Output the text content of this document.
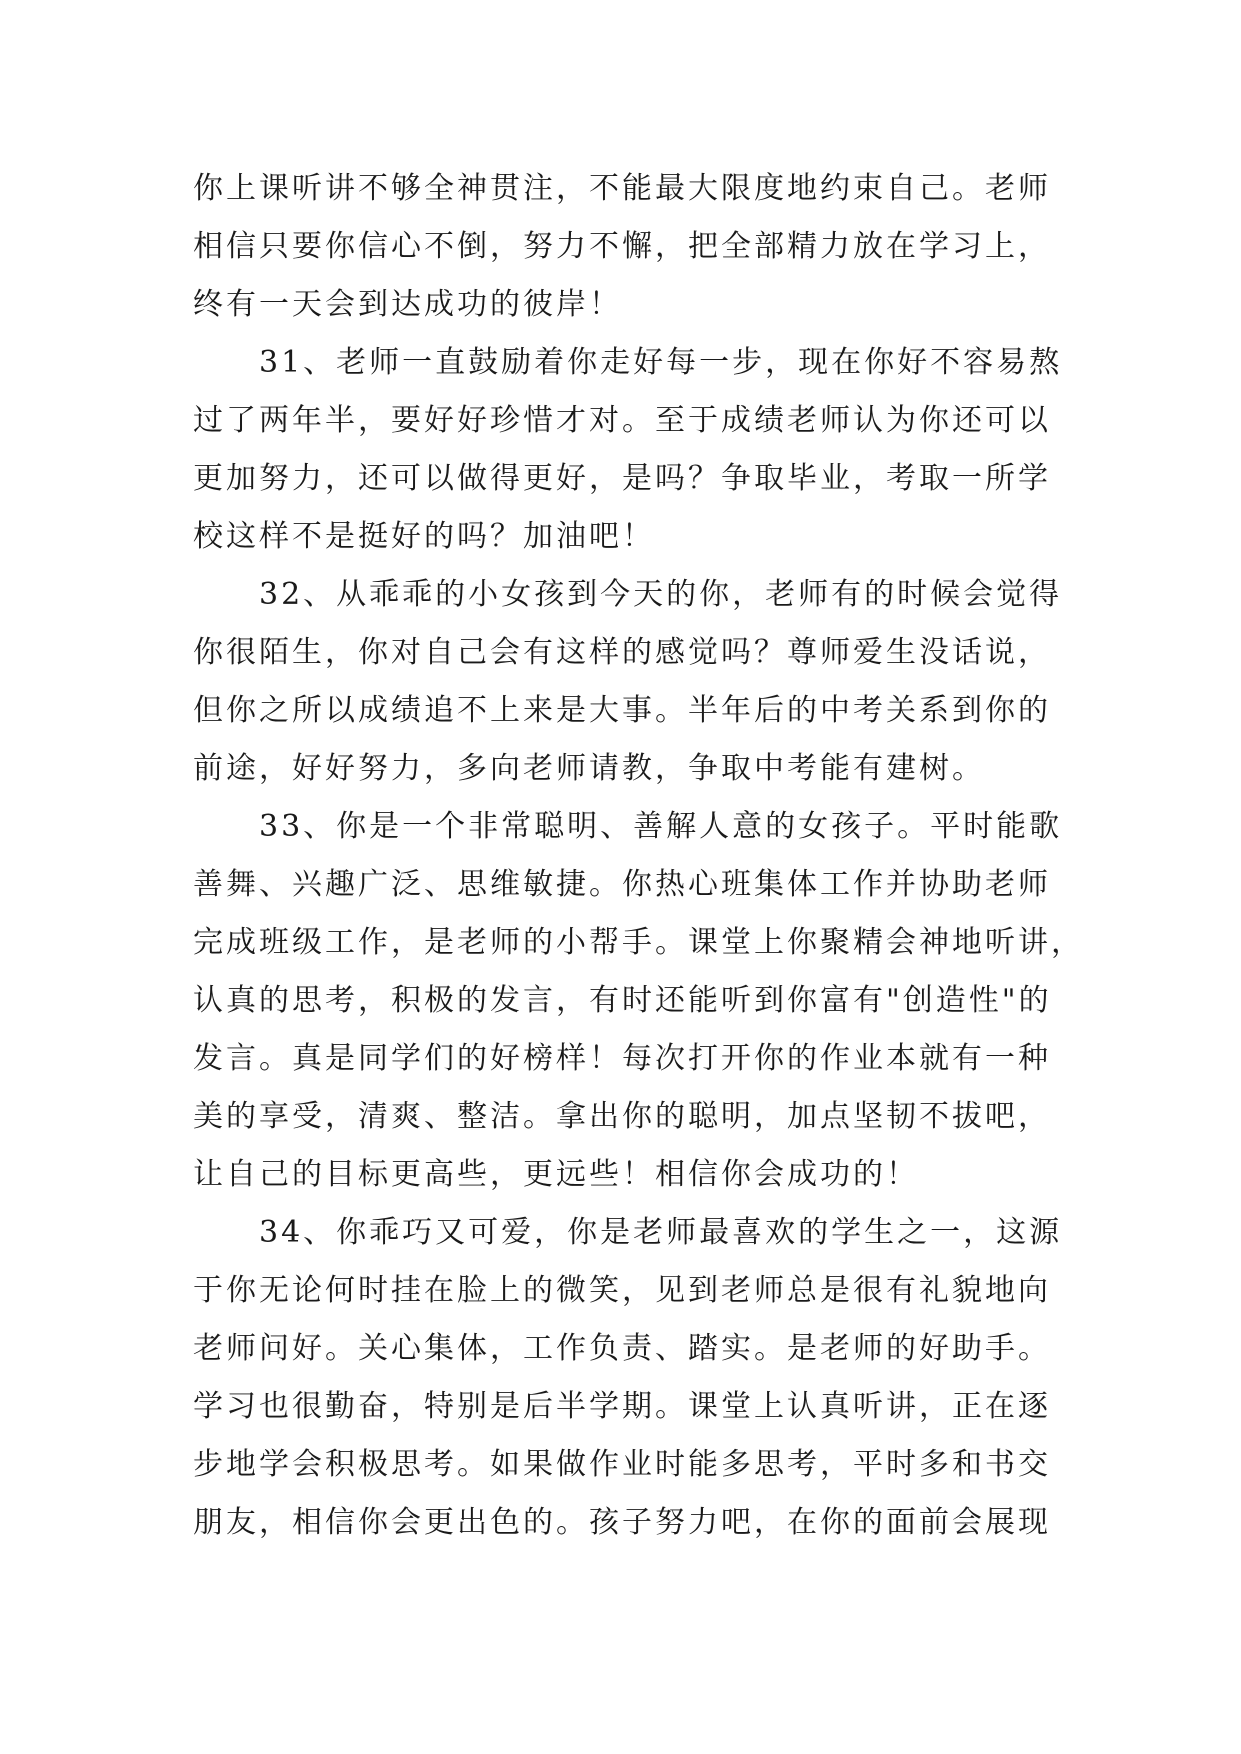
你上课听讲不够全神贯注，不能最大限度地约束自己。老师
相信只要你信心不倒，努力不懈，把全部精力放在学习上，
终有一天会到达成功的彼岸！
　　31、老师一直鼓励着你走好每一步，现在你好不容易熬
过了两年半，要好好珍惜才对。至于成绩老师认为你还可以
更加努力，还可以做得更好，是吗？争取毕业，考取一所学
校这样不是挺好的吗？加油吧！
　　32、从乖乖的小女孩到今天的你，老师有的时候会觉得
你很陌生，你对自己会有这样的感觉吗？尊师爱生没话说，
但你之所以成绩追不上来是大事。半年后的中考关系到你的
前途，好好努力，多向老师请教，争取中考能有建树。
　　33、你是一个非常聪明、善解人意的女孩子。平时能歌
善舞、兴趣广泛、思维敏捷。你热心班集体工作并协助老师
完成班级工作，是老师的小帮手。课堂上你聚精会神地听讲，
认真的思考，积极的发言，有时还能听到你富有"创造性"的
发言。真是同学们的好榜样！每次打开你的作业本就有一种
美的享受，清爽、整洁。拿出你的聪明，加点坚韧不拔吧，
让自己的目标更高些，更远些！相信你会成功的！
　　34、你乖巧又可爱，你是老师最喜欢的学生之一，这源
于你无论何时挂在脸上的微笑，见到老师总是很有礼貌地向
老师问好。关心集体，工作负责、踏实。是老师的好助手。
学习也很勤奋，特别是后半学期。课堂上认真听讲，正在逐
步地学会积极思考。如果做作业时能多思考，平时多和书交
朋友，相信你会更出色的。孩子努力吧，在你的面前会展现
